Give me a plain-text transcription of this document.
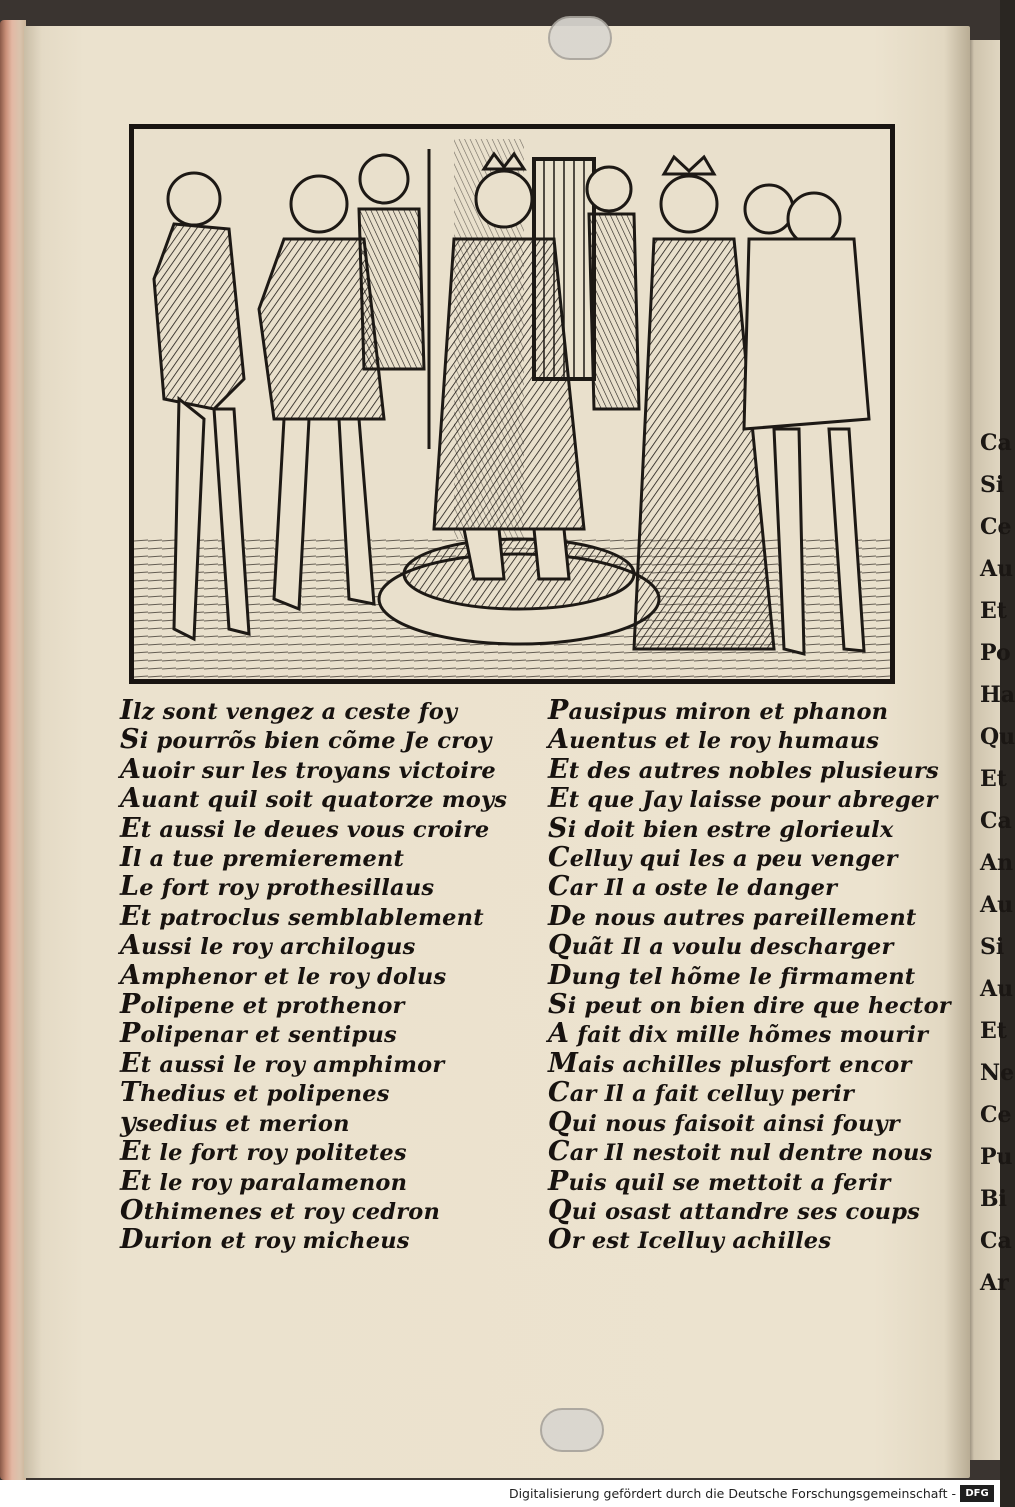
Ca
Si
Ce
Au
Et
Po
Ha
Qu
Et
Ca
An
Au
Si
Au
Et
Ne
Ce
Pu
Bi
Ca
Ar
Ilz sont vengez a ceste foy
Si pourrõs bien cõme Je croy
Auoir sur les troyans victoire
Auant quil soit quatorze moys
Et aussi le deues vous croire
Il a tue premierement
Le fort roy prothesillaus
Et patroclus semblablement
Aussi le roy archilogus
Amphenor et le roy dolus
Polipene et prothenor
Polipenar et sentipus
Et aussi le roy amphimor
Thedius et polipenes
ysedius et merion
Et le fort roy politetes
Et le roy paralamenon
Othimenes et roy cedron
Durion et roy micheus
Pausipus miron et phanon
Auentus et le roy humaus
Et des autres nobles plusieurs
Et que Jay laisse pour abreger
Si doit bien estre glorieulx
Celluy qui les a peu venger
Car Il a oste le danger
De nous autres pareillement
Quãt Il a voulu descharger
Dung tel hõme le firmament
Si peut on bien dire que hector
A fait dix mille hõmes mourir
Mais achilles plusfort encor
Car Il a fait celluy perir
Qui nous faisoit ainsi fouyr
Car Il nestoit nul dentre nous
Puis quil se mettoit a ferir
Qui osast attandre ses coups
Or est Icelluy achilles
Digitalisierung gefördert durch die Deutsche Forschungsgemeinschaft - DFG
